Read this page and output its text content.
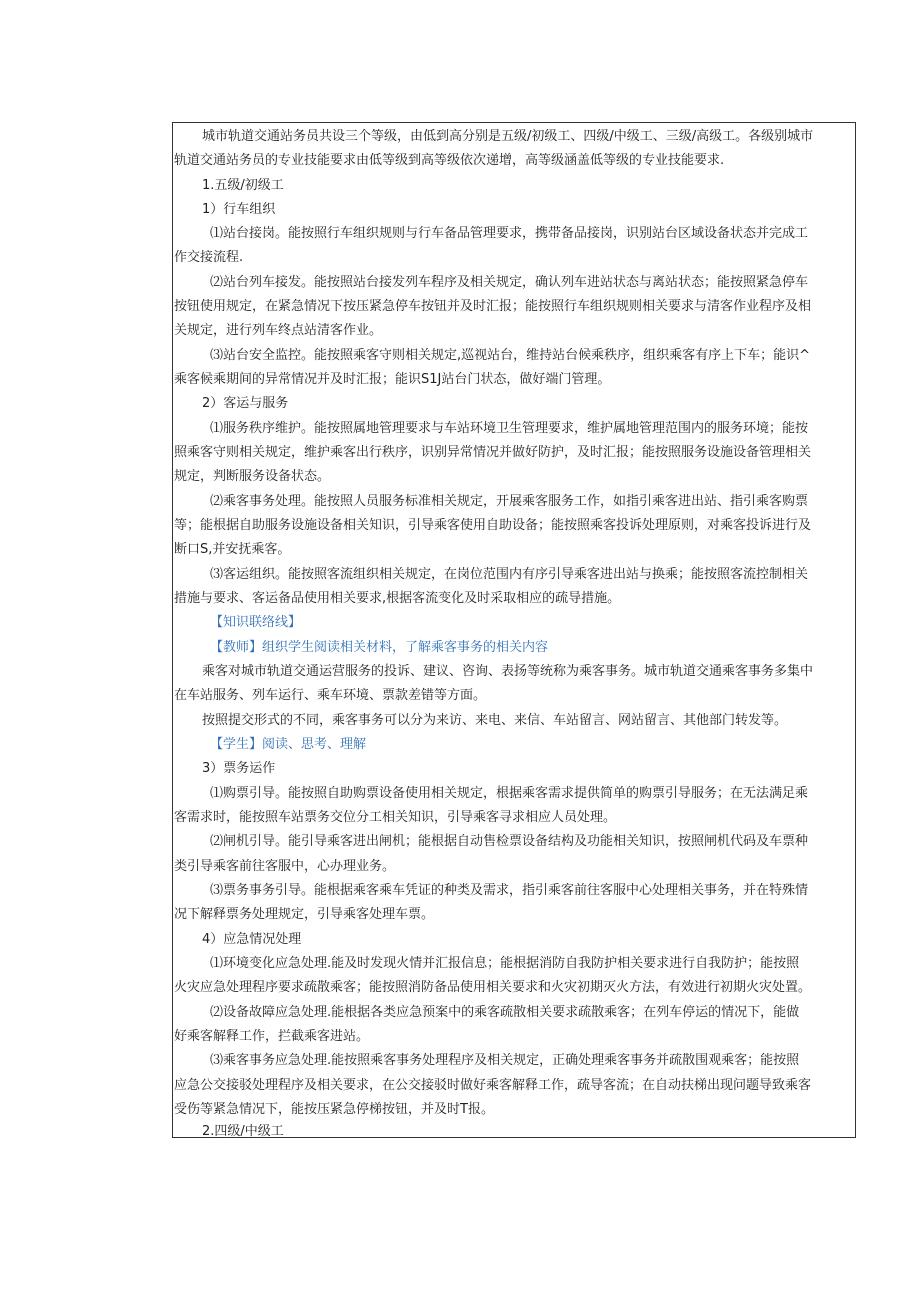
城市轨道交通站务员共设三个等级，由低到高分别是五级/初级工、四级/中级工、三级/高级工。各级别城市
轨道交通站务员的专业技能要求由低等级到高等级依次递增，高等级涵盖低等级的专业技能要求.
1.五级/初级工
1）行车组织
⑴站台接岗。能按照行车组织规则与行车备品管理要求，携带备品接岗，识别站台区域设备状态并完成工
作交接流程.
⑵站台列车接发。能按照站台接发列车程序及相关规定，确认列车进站状态与离站状态；能按照紧急停车
按钮使用规定，在紧急情况下按压紧急停车按钮并及时汇报；能按照行车组织规则相关要求与清客作业程序及相
关规定，进行列车终点站清客作业。
⑶站台安全监控。能按照乘客守则相关规定,巡视站台，维持站台候乘秩序，组织乘客有序上下车；能识^
乘客候乘期间的异常情况并及时汇报；能识S1J站台门状态，做好端门管理。
2）客运与服务
⑴服务秩序维护。能按照属地管理要求与车站环境卫生管理要求，维护属地管理范围内的服务环境；能按
照乘客守则相关规定，维护乘客出行秩序，识别异常情况并做好防护，及时汇报；能按照服务设施设备管理相关
规定，判断服务设备状态。
⑵乘客事务处理。能按照人员服务标准相关规定，开展乘客服务工作，如指引乘客进出站、指引乘客购票
等；能根据自助服务设施设备相关知识，引导乘客使用自助设备；能按照乘客投诉处理原则，对乘客投诉进行及
断口S,并安抚乘客。
⑶客运组织。能按照客流组织相关规定，在岗位范围内有序引导乘客进出站与换乘；能按照客流控制相关
措施与要求、客运备品使用相关要求,根据客流变化及时采取相应的疏导措施。
【知识联络线】
【教师】组织学生阅读相关材料，了解乘客事务的相关内容
乘客对城市轨道交通运营服务的投诉、建议、咨询、表扬等统称为乘客事务。城市轨道交通乘客事务多集中
在车站服务、列车运行、乘车环境、票款差错等方面。
按照提交形式的不同，乘客事务可以分为来访、来电、来信、车站留言、网站留言、其他部门转发等。
【学生】阅读、思考、理解
3）票务运作
⑴购票引导。能按照自助购票设备使用相关规定，根据乘客需求提供简单的购票引导服务；在无法满足乘
客需求时，能按照车站票务交位分工相关知识，引导乘客寻求相应人员处理。
⑵闸机引导。能引导乘客进出闸机；能根据自动售检票设备结构及功能相关知识，按照闸机代码及车票种
类引导乘客前往客服中，心办理业务。
⑶票务事务引导。能根据乘客乘车凭证的种类及需求，指引乘客前往客服中心处理相关事务，并在特殊情
况下解释票务处理规定，引导乘客处理车票。
4）应急情况处理
⑴环境变化应急处理.能及时发现火情并汇报信息；能根据消防自我防护相关要求进行自我防护；能按照
火灾应急处理程序要求疏散乘客；能按照消防备品使用相关要求和火灾初期灭火方法，有效进行初期火灾处置。
⑵设备故障应急处理.能根据各类应急预案中的乘客疏散相关要求疏散乘客；在列车停运的情况下，能做
好乘客解释工作，拦截乘客进站。
⑶乘客事务应急处理.能按照乘客事务处理程序及相关规定，正确处理乘客事务并疏散围观乘客；能按照
应急公交接驳处理程序及相关要求，在公交接驳时做好乘客解释工作，疏导客流；在自动扶梯出现问题导致乘客
受伤等紧急情况下，能按压紧急停梯按钮，并及时T报。
2.四级/中级工
